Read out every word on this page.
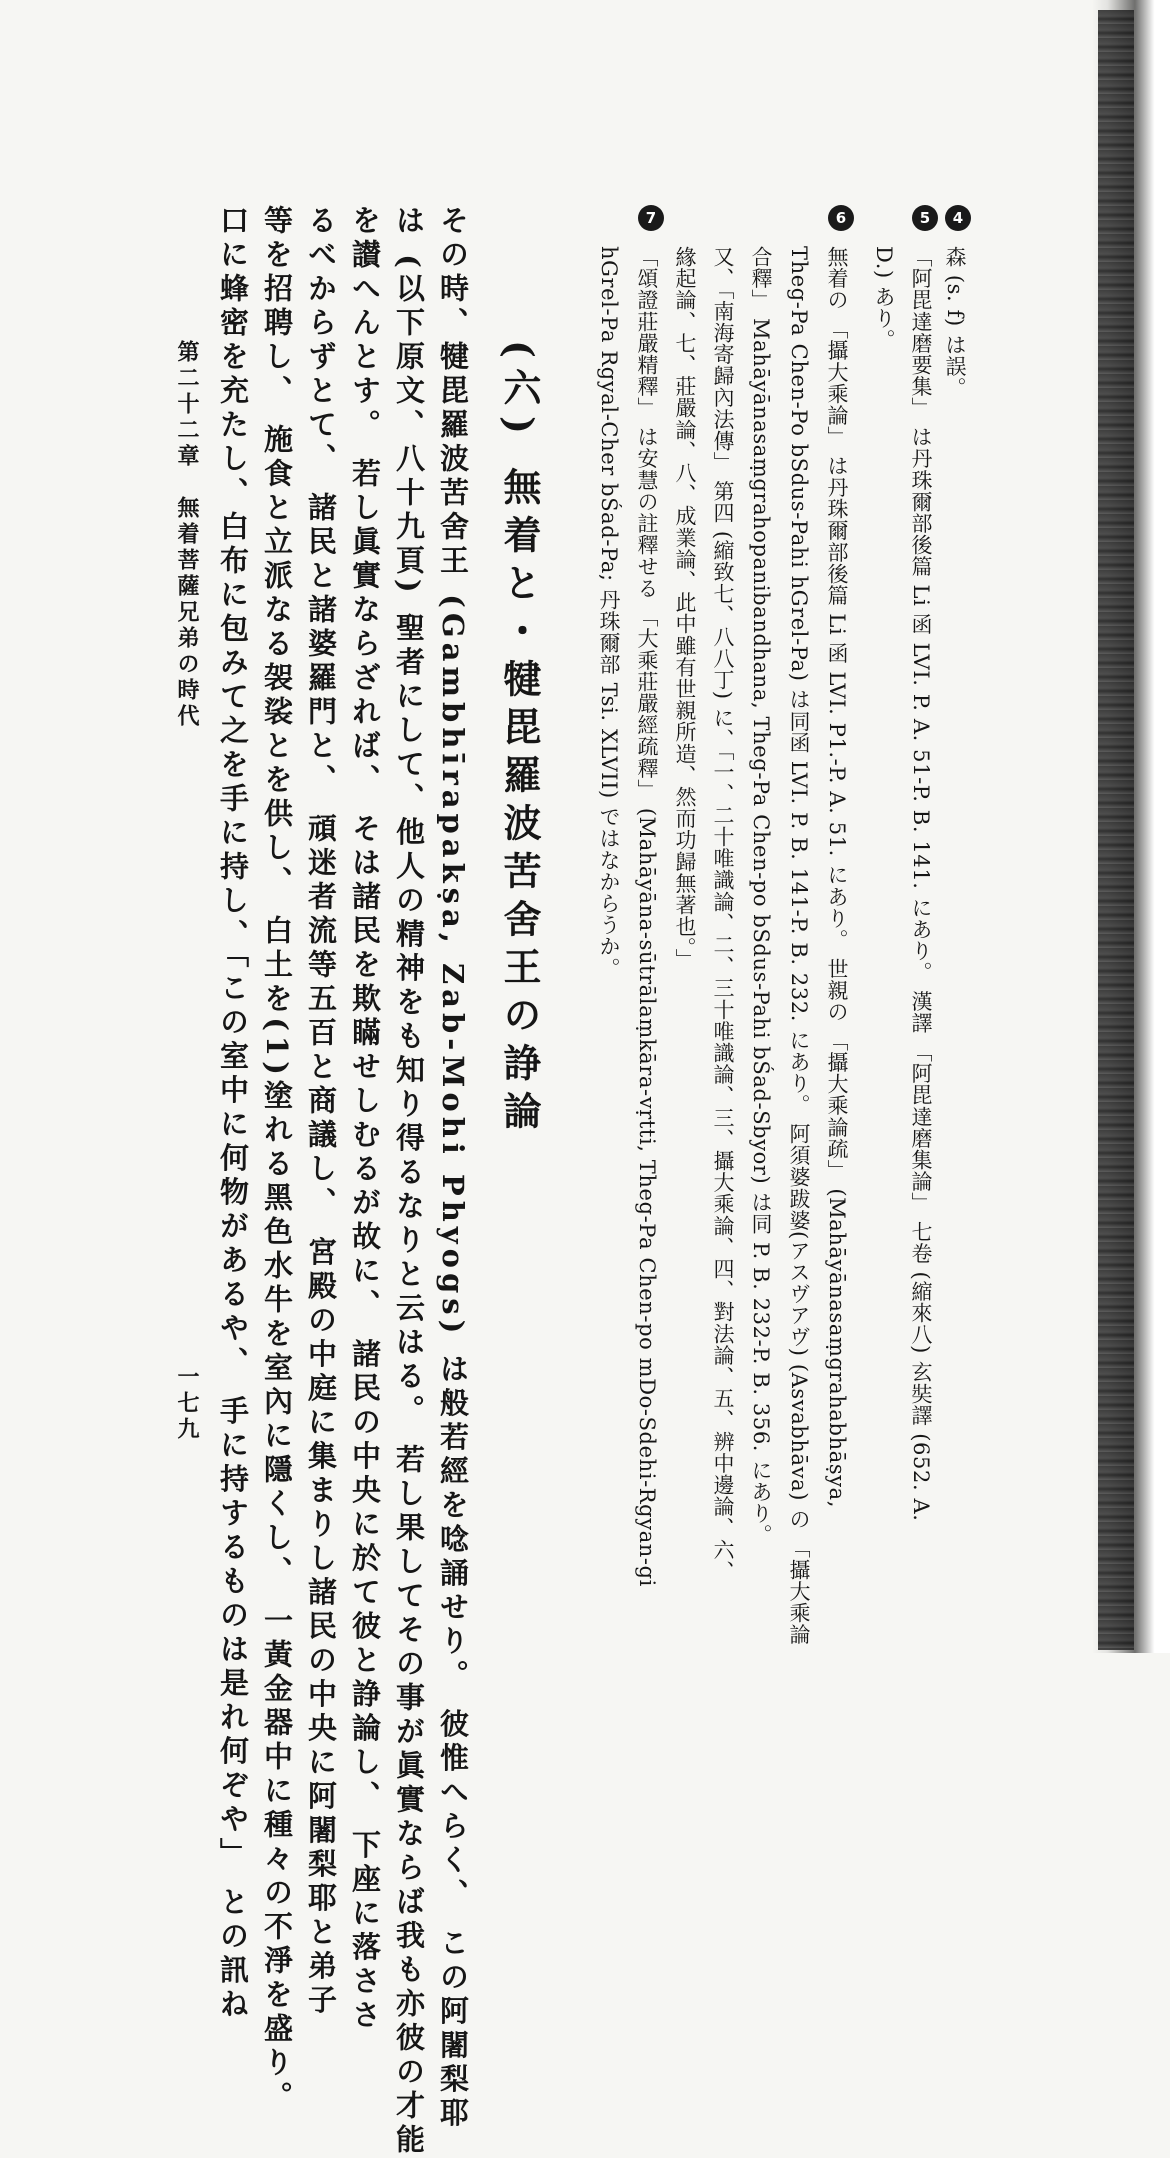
4
森 (s. f) は誤。
5
「阿毘達磨要集」 は丹珠爾部後篇 Li 函 LVI. P. A. 51-P. B. 141. にあり。 漢譯 「阿毘達磨集論」 七卷 (縮來八) 玄奘譯 (652. A.
D.) あり。
6
無着の 「攝大乘論」 は丹珠爾部後篇 Li 函 LVI. P1.-P. A. 51. にあり。 世親の 「攝大乘論疏」 (Mahāyānasaṃgrahabhāṣya,
Theg-Pa Chen-Po bSdus-Pahi hGrel-Pa) は同函 LVI. P. B. 141-P. B. 232. にあり。 阿須婆跋婆(アスヴアヴ) (Asvabhāva) の 「攝大乘論
合釋」 Mahāyānasaṃgrahopanibandhana, Theg-Pa Chen-po bSdus-Pahi bŚad-Sbyor) は同 P. B. 232-P. B. 356. にあり。
又、「南海寄歸內法傳」 第四 (縮致七、八八丁) に、「一、二十唯識論、二、三十唯識論、三、攝大乘論、四、對法論、五、辨中邊論、六、
緣起論、七、莊嚴論、八、成業論、此中雖有世親所造、然而功歸無著也。」
7
「頌證莊嚴精釋」 は安慧の註釋せる 「大乘莊嚴經疏釋」 (Mahāyāna-sūtrālaṃkāra-vṛtti, Theg-Pa Chen-po mDo-Sdehi-Rgyan-gi
hGrel-Pa Rgyal-Cher bŚad-Pa; 丹珠爾部 Tsi. XLVII) ではなからうか。
(六) 無着と・犍毘羅波苦舍王の諍論
その時、犍毘羅波苦舍王 (Gambhīrapakṣa, Zab-Mohi Phyogs) は般若經を唸誦せり。 彼惟へらく、 この阿闍梨耶
は (以下原文、八十九頁) 聖者にして、他人の精神をも知り得るなりと云はる。 若し果してその事が眞實ならば我も亦彼の才能
を讃へんとす。 若し眞實ならざれば、 そは諸民を欺瞞せしむるが故に、 諸民の中央に於て彼と諍論し、 下座に落ささ
るべからずとて、 諸民と諸婆羅門と、 頑迷者流等五百と商議し、 宮殿の中庭に集まりし諸民の中央に阿闍梨耶と弟子
等を招聘し、 施食と立派なる袈裟とを供し、 白土を(1)塗れる黑色水牛を室內に隱くし、 一黃金器中に種々の不淨を盛り。
口に蜂密を充たし、白布に包みて之を手に持し、「この室中に何物があるや、 手に持するものは是れ何ぞや」 との訊ね
第二十二章　無着菩薩兄弟の時代
一七九
